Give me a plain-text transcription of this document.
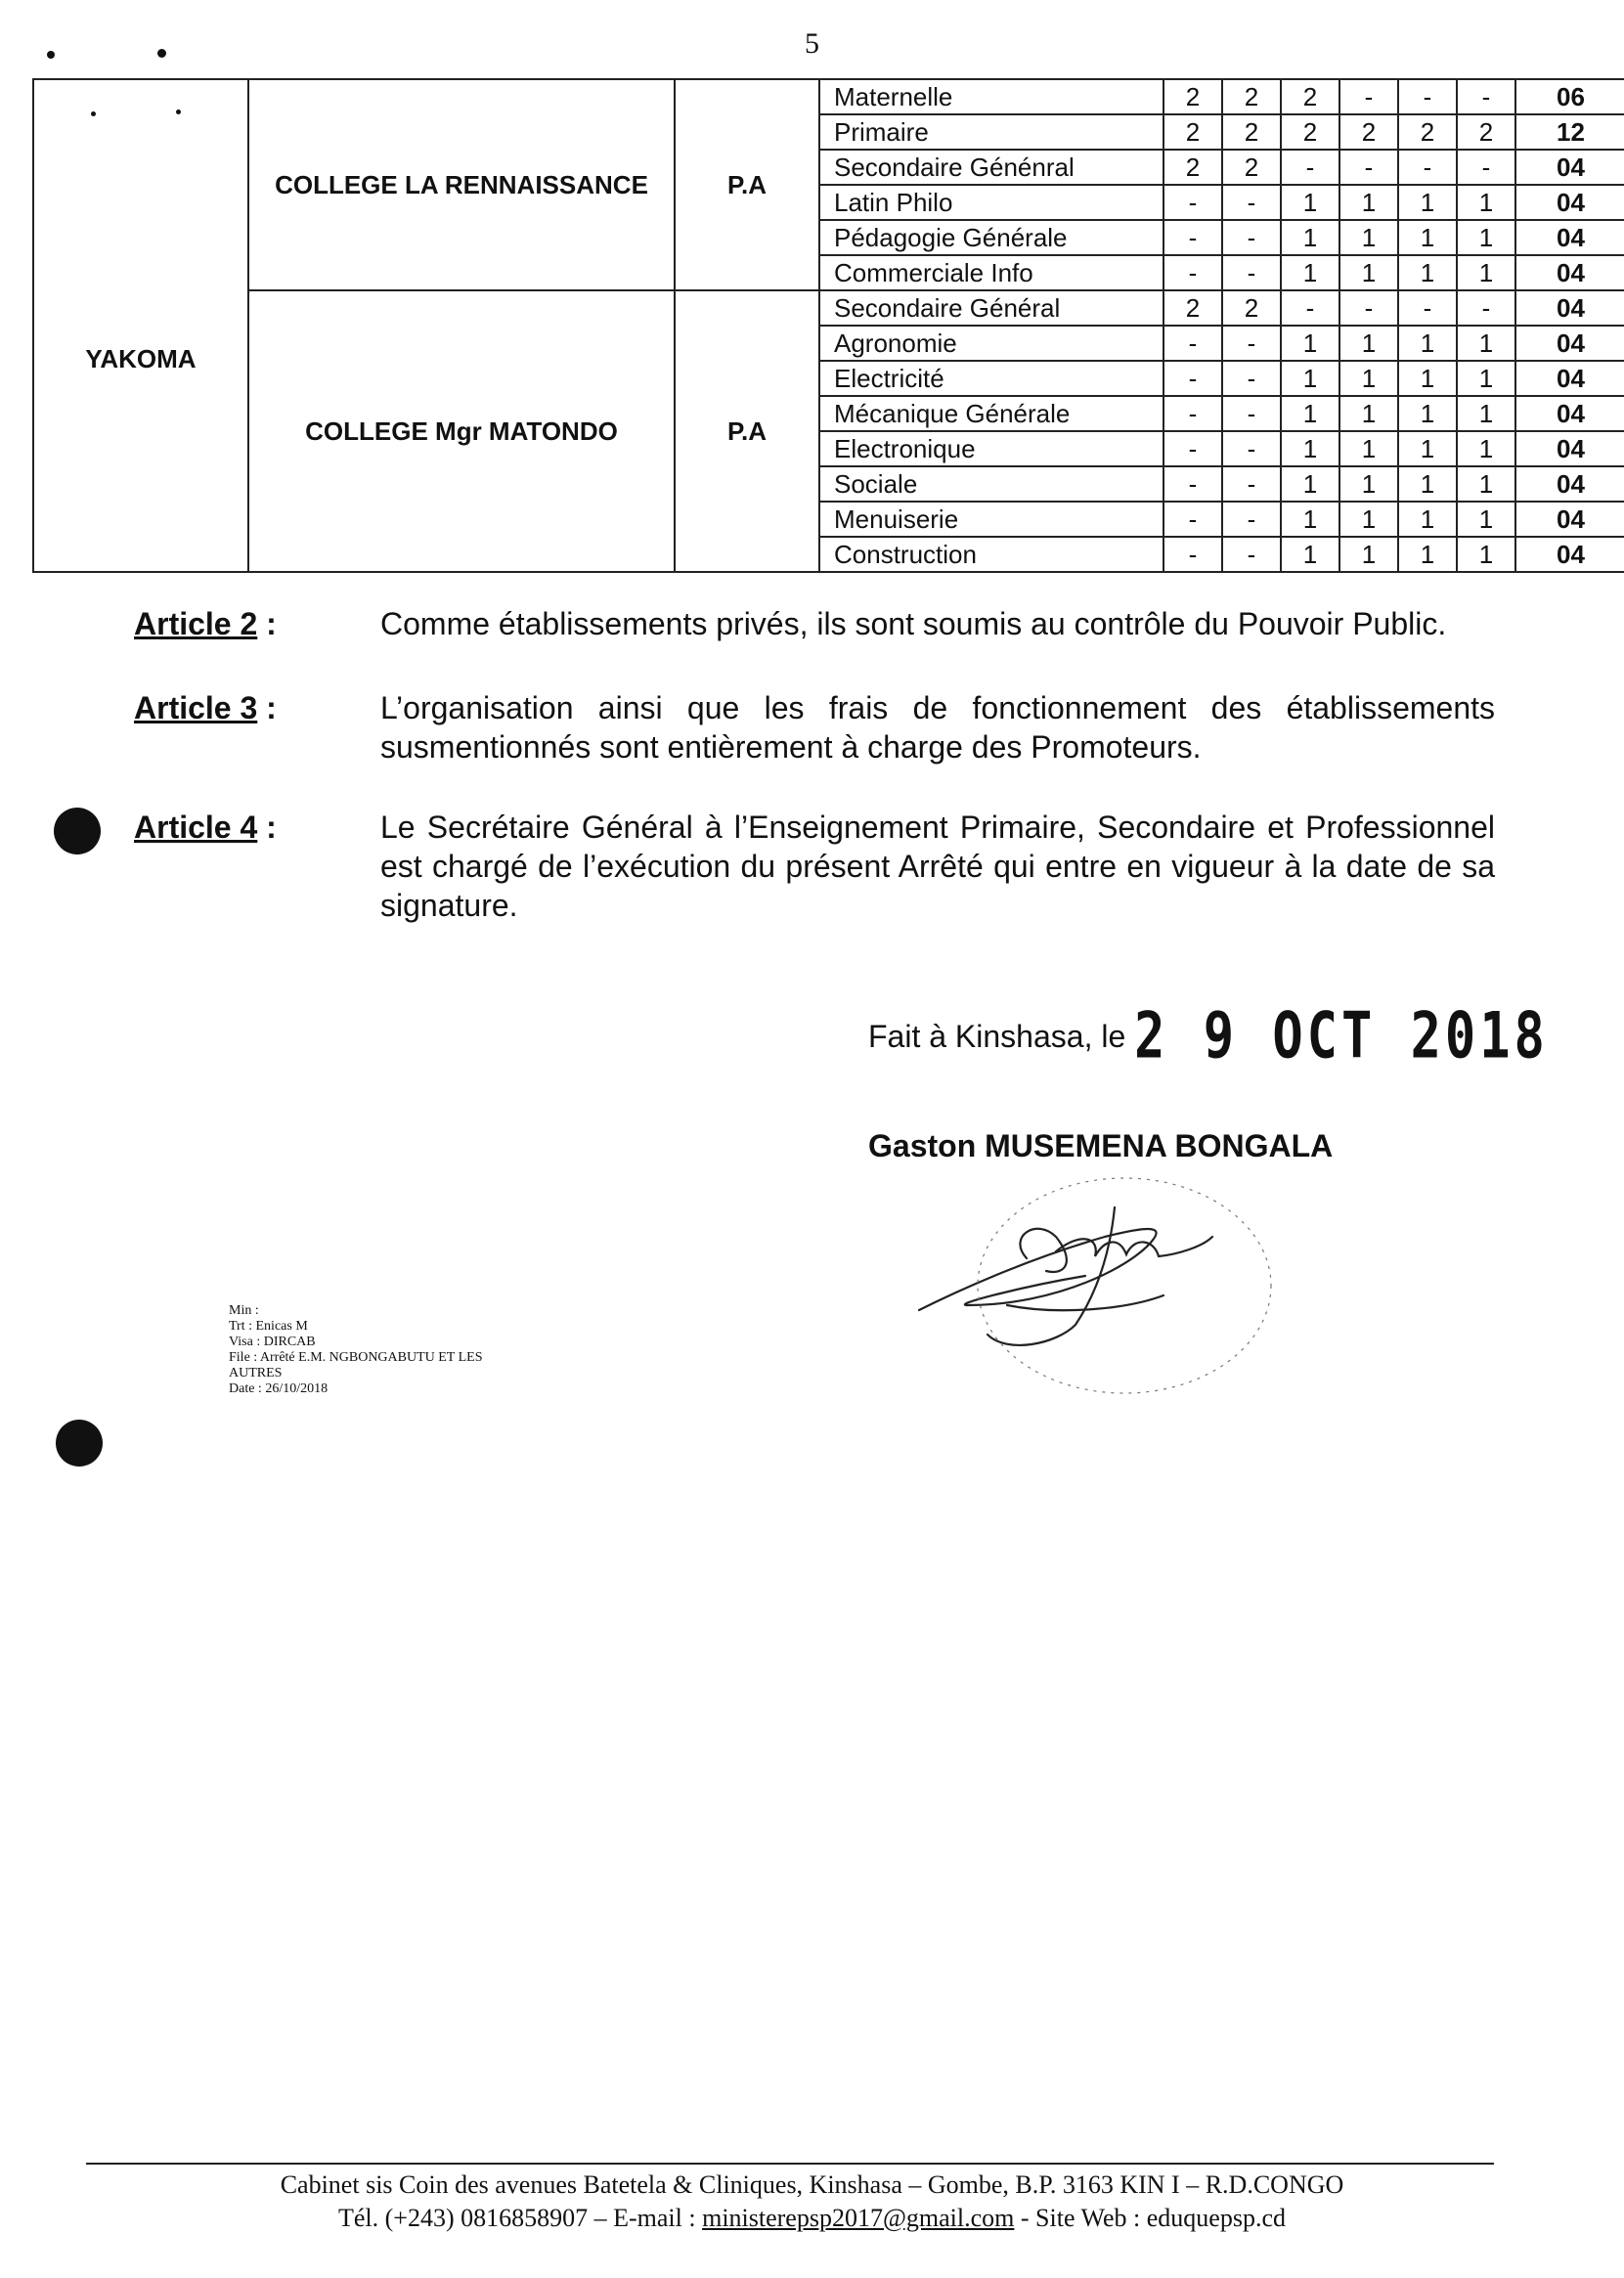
5
YAKOMA	COLLEGE LA RENNAISSANCE	P.A	Maternelle	2	2	2	-	-	-	06
			Primaire	2	2	2	2	2	2	12
			Secondaire Génénral	2	2	-	-	-	-	04
			Latin Philo	-	-	1	1	1	1	04
			Pédagogie Générale	-	-	1	1	1	1	04
			Commerciale Info	-	-	1	1	1	1	04
	COLLEGE Mgr MATONDO	P.A	Secondaire Général	2	2	-	-	-	-	04
			Agronomie	-	-	1	1	1	1	04
			Electricité	-	-	1	1	1	1	04
			Mécanique Générale	-	-	1	1	1	1	04
			Electronique	-	-	1	1	1	1	04
			Sociale	-	-	1	1	1	1	04
			Menuiserie	-	-	1	1	1	1	04
			Construction	-	-	1	1	1	1	04
Article 2 :	Comme établissements privés, ils sont soumis au contrôle du Pouvoir Public.
Article 3 :	L’organisation ainsi que les frais de fonctionnement des établissements susmentionnés sont entièrement à charge des Promoteurs.
Article 4 :	Le Secrétaire Général à l’Enseignement Primaire, Secondaire et Professionnel est chargé de l’exécution du présent Arrêté qui entre en vigueur à la date de sa signature.
Fait à Kinshasa, le 2 9 OCT 2018
Gaston MUSEMENA BONGALA
Min :
Trt : Enicas M
Visa : DIRCAB
File : Arrêté E.M. NGBONGABUTU ET LES
AUTRES
Date : 26/10/2018
Cabinet sis Coin des avenues Batetela & Cliniques, Kinshasa – Gombe, B.P. 3163 KIN I – R.D.CONGO
Tél. (+243) 0816858907 – E-mail : ministerepsp2017@gmail.com - Site Web : eduquepsp.cd
